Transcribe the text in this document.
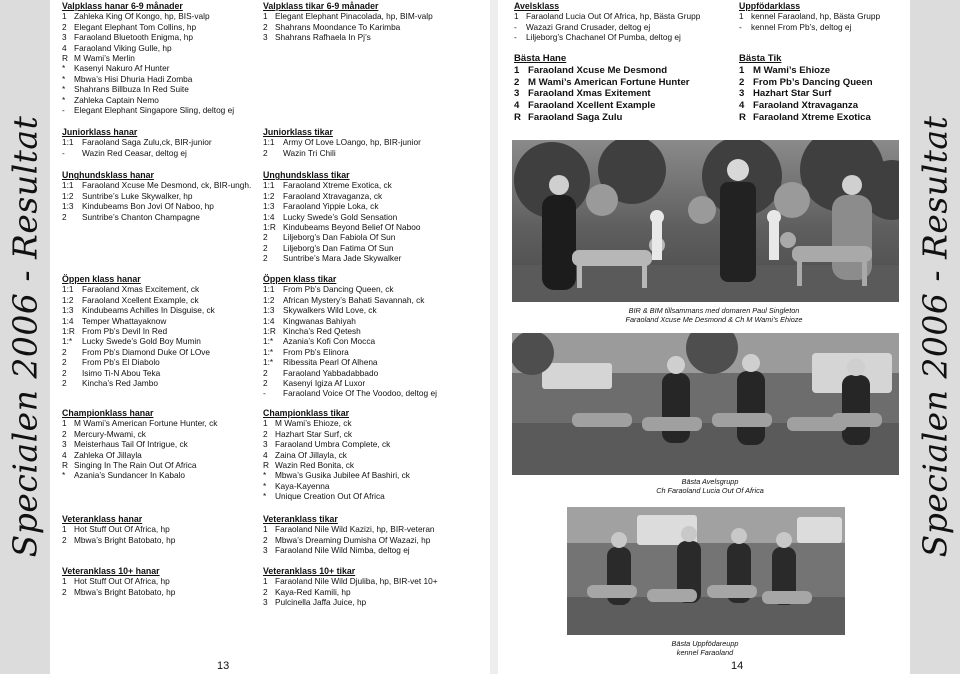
Specialen 2006 - Resultat	Specialen 2006 - Resultat
Valpklass hanar 6-9 månader
1 Zahleka King Of Kongo, hp, BIS-valp
2 Elegant Elephant Tom Collins, hp
3 Faraoland Bluetooth Enigma, hp
4 Faraoland Viking Gulle, hp
R M Wami’s Merlin
*	Kasenyi Nakuro Af Hunter
*	Mbwa’s Hisi Dhuria Hadi Zomba
*	Shahrans Billbuza In Red Suite
*	Zahleka Captain Nemo
-	Elegant Elephant Singapore Sling, deltog ej
Juniorklass hanar
1:1	Faraoland Saga Zulu,ck, BIR-junior
-	Wazin Red Ceasar, deltog ej
Unghundsklass hanar
1:1	Faraoland Xcuse Me Desmond, ck, BIR-ungh.
1:2	Suntribe’s Luke Skywalker, hp
1:3	Kindubeams Bon Jovi Of Naboo, hp
2	Suntribe’s Chanton Champagne
Öppen klass hanar
1:1	Faraoland Xmas Excitement, ck
1:2	Faraoland Xcellent Example, ck
1:3	Kindubeams Achilles In Disguise, ck
1:4	Temper Whattayaknow
1:R From Pb’s Devil In Red
1:*	Lucky Swede’s Gold Boy Mumin
2	From Pb’s Diamond Duke Of LOve
2	From Pb’s El Diabolo
2	Isimo Ti-N Abou Teka
2	Kincha’s Red Jambo
Championklass hanar
1 M Wami’s American Fortune Hunter, ck
2 Mercury-Mwami, ck
3 Meisterhaus Tail Of Intrigue, ck
4 Zahleka Of Jillayla
R Singing In The Rain Out Of Africa
*	Azania’s Sundancer In Kabalo
Veteranklass hanar
1 Hot Stuff Out Of Africa, hp
2 Mbwa’s Bright Batobato, hp
Veteranklass 10+ hanar
1 Hot Stuff Out Of Africa, hp
2 Mbwa’s Bright Batobato, hp
Valpklass tikar 6-9 månader
1 Elegant Elephant Pinacolada, hp, BIM-valp
2 Shahrans Moondance To Karimba
3 Shahrans Rafhaela In Pj’s
Juniorklass tikar
1:1	Army Of Love LOango, hp, BIR-junior
2	Wazin Tri Chili
Unghundsklass tikar
1:1	Faraoland Xtreme Exotica, ck
1:2	Faraoland Xtravaganza, ck
1:3	Faraoland Yippie Loka, ck
1:4	Lucky Swede’s Gold Sensation
1:R Kindubeams Beyond Belief Of Naboo
2	Liljeborg’s Dan Fabiola Of Sun
2	Liljeborg’s Dan Fatima Of Sun
2	Suntribe’s Mara Jade Skywalker
Öppen klass tikar
1:1	From Pb’s Dancing Queen, ck
1:2	African Mystery’s Bahati Savannah, ck
1:3	Skywalkers Wild Love, ck
1:4	Kingwanas Bahiyah
1:R Kincha’s Red Qetesh
1:*	Azania’s Kofi Con Mocca
1:*	From Pb’s Elinora
1:*	Ribessita Pearl Of Alhena
2	Faraoland Yabbadabbado
2	Kasenyi Igiza Af Luxor
-	Faraoland Voice Of The Voodoo, deltog ej
Championklass tikar
1 M Wami’s Ehioze, ck
2 Hazhart Star Surf, ck
3 Faraoland Umbra Complete, ck
4 Zaina Of Jillayla, ck
R Wazin Red Bonita, ck
*	Mbwa’s Gusika Jubilee Af Bashiri, ck
*	Kaya-Kayenna
*	Unique Creation Out Of Africa
Veteranklass tikar
1 Faraoland Nile Wild Kazizi, hp, BIR-veteran
2 Mbwa’s Dreaming Dumisha Of Wazazi, hp
3 Faraoland Nile Wild Nimba, deltog ej
Veteranklass 10+ tikar
1 Faraoland Nile Wild Djuliba, hp, BIR-vet 10+
2 Kaya-Red Kamili, hp
3 Pulcinella Jaffa Juice, hp
13
Avelsklass
1 Faraoland Lucia Out Of Africa, hp, Bästa Grupp
-	Wazazi Grand Crusader, deltog ej
-	Liljeborg’s Chachanel Of Pumba, deltog ej
Uppfödarklass
1 kennel Faraoland, hp, Bästa Grupp
-	kennel From Pb’s, deltog ej
Bästa Hane
1 Faraoland Xcuse Me Desmond
2 M Wami’s American Fortune Hunter
3 Faraoland Xmas Exitement
4 Faraoland Xcellent Example
R Faraoland Saga Zulu
Bästa Tik
1 M Wami’s Ehioze
2 From Pb’s Dancing Queen
3 Hazhart Star Surf
4 Faraoland Xtravaganza
R Faraoland Xtreme Exotica
BIR & BIM tillsammans med domaren Paul Singleton
Faraoland Xcuse Me Desmond & Ch M Wami’s Ehioze
Bästa Avelsgrupp
Ch Faraoland Lucia Out Of Africa
Bästa Uppfödareupp
kennel Faraoland
14
